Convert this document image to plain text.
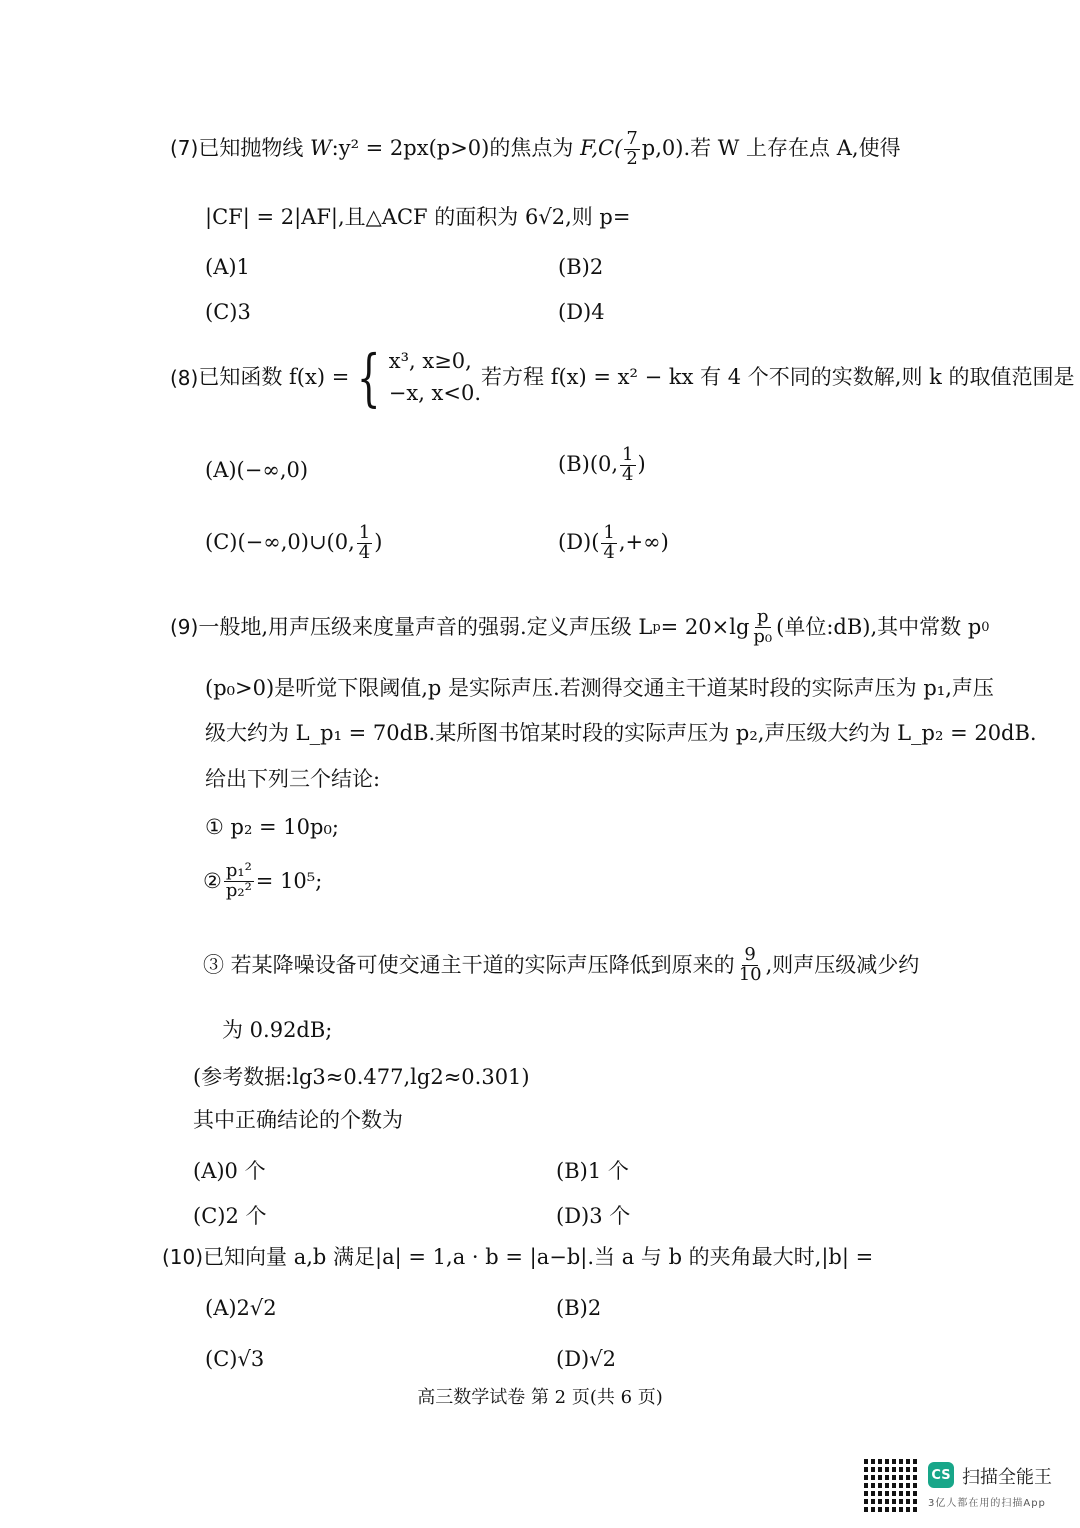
(7)已知抛物线 W:y² = 2px(p>0)的焦点为 $F,C( \frac{7}{2} p,0)$.若 W 上存在点 A,使得
|CF| = 2|AF|,且△ACF 的面积为 6√2,则 p=
(A)1	(B)2
(C)3	(D)4
(8) 已知函数 f(x) = { x³, x≥0,
−x, x<0.
若方程 f(x) = x² − kx 有 4 个不同的实数解,则 k 的取值范围是
(A)(−∞,0)	(B)(0, $\frac{1}{4}$ )
(C)(−∞,0)∪(0, $\frac{1}{4}$ )	$(D)( \frac{1}{4}$ ,+∞)
(9) 一般地,用声压级来度量声音的强弱.定义声压级 L $p = 20\times\lg \frac{p}{\text{p₀}}$ (单位:dB),其中常数 p 0
(p₀>0)是听觉下限阈值,p 是实际声压.若测得交通主干道某时段的实际声压为 p₁,声压
级大约为 L_p₁ = 70dB.某所图书馆某时段的实际声压为 p₂,声压级大约为 L_p₂ = 20dB.
给出下列三个结论:
① p₂ = 10p₀;
② $\frac{\text{p₁²}}{\text{p₂²}} = 10^5$;
③ 若某降噪设备可使交通主干道的实际声压降低到原来的 $\frac{9}{10}$ ,则声压级减少约
为 0.92dB;
(参考数据:lg3≈0.477,lg2≈0.301)
其中正确结论的个数为
(A)0 个	(B)1 个
(C)2 个	(D)3 个
(10)已知向量 a,b 满足|a| = 1,a · b = |a−b|.当 a 与 b 的夹角最大时,|b| =
(A)2√2	(B)2
(C)√3	(D)√2
高三数学试卷 第 2 页(共 6 页)
CS 扫描全能王
3亿人都在用的扫描App
